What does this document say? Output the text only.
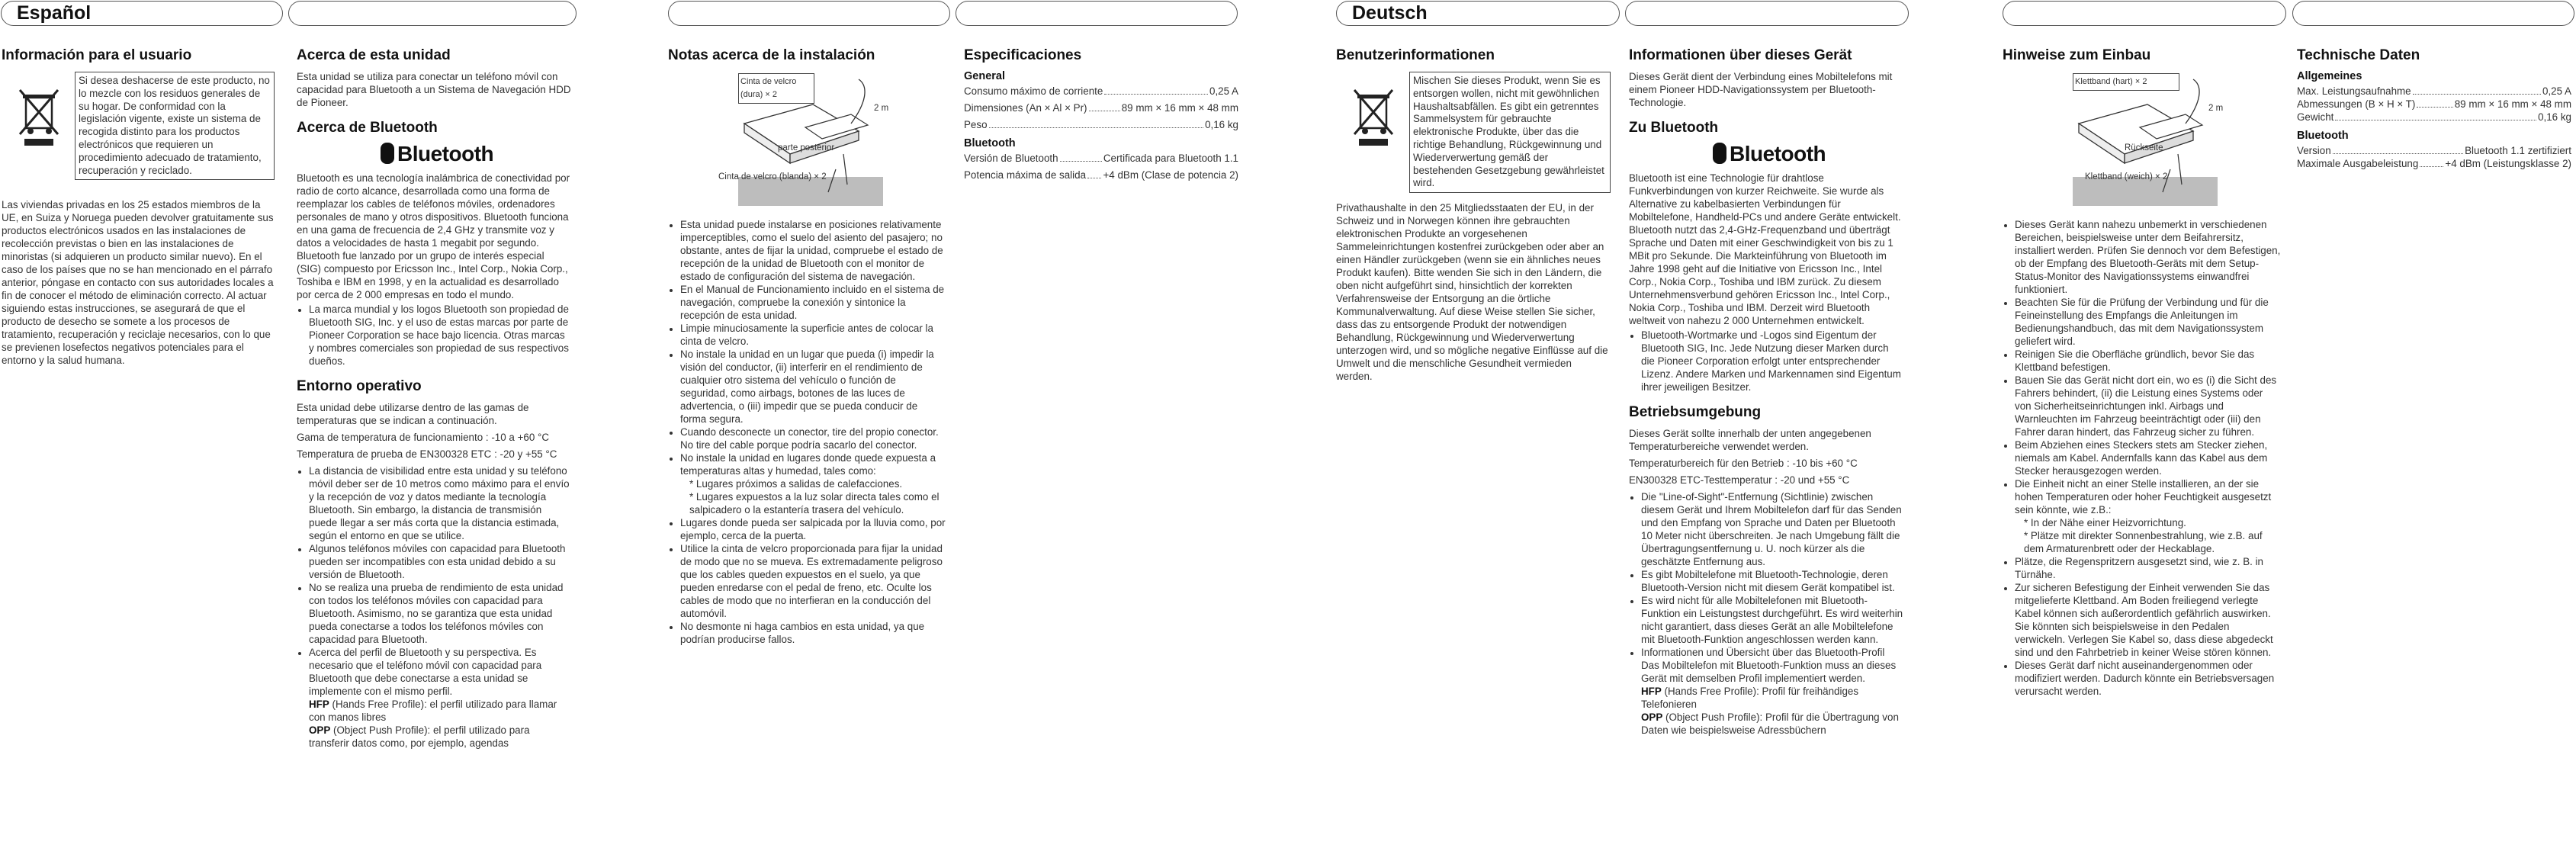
Español	Deutsch
Información para el usuario
Si desea deshacerse de este producto, no lo mezcle con los residuos generales de su hogar. De conformidad con la legislación vigente, existe un sistema de recogida distinto para los productos electrónicos que requieren un procedimiento adecuado de tratamiento, recuperación y reciclado.

Las viviendas privadas en los 25 estados miembros de la UE, en Suiza y Noruega pueden devolver gratuitamente sus productos electrónicos usados en las instalaciones de recolección previstas o bien en las instalaciones de minoristas (si adquieren un producto similar nuevo). En el caso de los países que no se han mencionado en el párrafo anterior, póngase en contacto con sus autoridades locales a fin de conocer el método de eliminación correcto. Al actuar siguiendo estas instrucciones, se asegurará de que el producto de desecho se somete a los procesos de tratamiento, recuperación y reciclaje necesarios, con lo que se previenen losefectos negativos potenciales para el entorno y la salud humana.

Acerca de esta unidad

Esta unidad se utiliza para conectar un teléfono móvil con capacidad para Bluetooth a un Sistema de Navegación HDD de Pioneer.

Acerca de Bluetooth
Bluetooth

Bluetooth es una tecnología inalámbrica de conectividad por radio de corto alcance, desarrollada como una forma de reemplazar los cables de teléfonos móviles, ordenadores personales de mano y otros dispositivos. Bluetooth funciona en una gama de frecuencia de 2,4 GHz y transmite voz y datos a velocidades de hasta 1 megabit por segundo. Bluetooth fue lanzado por un grupo de interés especial (SIG) compuesto por Ericsson Inc., Intel Corp., Nokia Corp., Toshiba e IBM en 1998, y en la actualidad es desarrollado por cerca de 2 000 empresas en todo el mundo.

• La marca mundial y los logos Bluetooth son propiedad de Bluetooth SIG, Inc. y el uso de estas marcas por parte de Pioneer Corporation se hace bajo licencia. Otras marcas y nombres comerciales son propiedad de sus respectivos dueños.
Entorno operativo

Esta unidad debe utilizarse dentro de las gamas de temperaturas que se indican a continuación.

Gama de temperatura de funcionamiento
: -10 a +60 °C
Temperatura de prueba de EN300328 ETC
: -20 y +55 °C
• La distancia de visibilidad entre esta unidad y su teléfono móvil deber ser de 10 metros como máximo para el envío y la recepción de voz y datos mediante la tecnología Bluetooth. Sin embargo, la distancia de transmisión puede llegar a ser más corta que la distancia estimada, según el entorno en que se utilice.
• Algunos teléfonos móviles con capacidad para Bluetooth pueden ser incompatibles con esta unidad debido a su versión de Bluetooth.
• No se realiza una prueba de rendimiento de esta unidad con todos los teléfonos móviles con capacidad para Bluetooth. Asimismo, no se garantiza que esta unidad pueda conectarse a todos los teléfonos móviles con capacidad para Bluetooth.
• Acerca del perfil de Bluetooth y su perspectiva. Es necesario que el teléfono móvil con capacidad para Bluetooth que debe conectarse a esta unidad se implemente con el mismo perfil.
HFP (Hands Free Profile): el perfil utilizado para llamar con manos libres
OPP (Object Push Profile): el perfil utilizado para transferir datos como, por ejemplo, agendas
Notas acerca de la instalación
Cinta de velcro (dura) × 2
2 m
parte posterior
Cinta de velcro (blanda) × 2
• Esta unidad puede instalarse en posiciones relativamente imperceptibles, como el suelo del asiento del pasajero; no obstante, antes de fijar la unidad, compruebe el estado de recepción de la unidad de Bluetooth con el monitor de estado de configuración del sistema de navegación.
• En el Manual de Funcionamiento incluido en el sistema de navegación, compruebe la conexión y sintonice la recepción de esta unidad.
• Limpie minuciosamente la superficie antes de colocar la cinta de velcro.
• No instale la unidad en un lugar que pueda (i) impedir la visión del conductor, (ii) interferir en el rendimiento de cualquier otro sistema del vehículo o función de seguridad, como airbags, botones de las luces de advertencia, o (iii) impedir que se pueda conducir de forma segura.
• Cuando desconecte un conector, tire del propio conector. No tire del cable porque podría sacarlo del conector.
• No instale la unidad en lugares donde quede expuesta a temperaturas altas y humedad, tales como:
* Lugares próximos a salidas de calefacciones.
* Lugares expuestos a la luz solar directa tales como el salpicadero o la estantería trasera del vehículo.
• Lugares donde pueda ser salpicada por la lluvia como, por ejemplo, cerca de la puerta.
• Utilice la cinta de velcro proporcionada para fijar la unidad de modo que no se mueva. Es extremadamente peligroso que los cables queden expuestos en el suelo, ya que pueden enredarse con el pedal de freno, etc. Oculte los cables de modo que no interfieran en la conducción del automóvil.
• No desmonte ni haga cambios en esta unidad, ya que podrían producirse fallos.
Especificaciones
General
Consumo máximo de corriente	0,25 A
Dimensiones (An × Al × Pr)	89 mm × 16 mm × 48 mm
Peso	0,16 kg
Bluetooth
Versión de Bluetooth	Certificada para Bluetooth 1.1
Potencia máxima de salida +4 dBm (Clase de potencia 2)
Benutzerinformationen
Mischen Sie dieses Produkt, wenn Sie es entsorgen wollen, nicht mit gewöhnlichen Haushaltsabfällen. Es gibt ein getrenntes Sammelsystem für gebrauchte elektronische Produkte, über das die richtige Behandlung, Rückgewinnung und Wiederverwertung gemäß der bestehenden Gesetzgebung gewährleistet wird.

Privathaushalte in den 25 Mitgliedsstaaten der EU, in der Schweiz und in Norwegen können ihre gebrauchten elektronischen Produkte an vorgesehenen Sammeleinrichtungen kostenfrei zurückgeben oder aber an einen Händler zurückgeben (wenn sie ein ähnliches neues Produkt kaufen). Bitte wenden Sie sich in den Ländern, die oben nicht aufgeführt sind, hinsichtlich der korrekten Verfahrensweise der Entsorgung an die örtliche Kommunalverwaltung. Auf diese Weise stellen Sie sicher, dass das zu entsorgende Produkt der notwendigen Behandlung, Rückgewinnung und Wiederverwertung unterzogen wird, und so mögliche negative Einflüsse auf die Umwelt und die menschliche Gesundheit vermieden werden.

Informationen über dieses Gerät

Dieses Gerät dient der Verbindung eines Mobiltelefons mit einem Pioneer HDD-Navigationssystem per Bluetooth-Technologie.

Zu Bluetooth
Bluetooth

Bluetooth ist eine Technologie für drahtlose Funkverbindungen von kurzer Reichweite. Sie wurde als Alternative zu kabelbasierten Verbindungen für Mobiltelefone, Handheld-PCs und andere Geräte entwickelt. Bluetooth nutzt das 2,4-GHz-Frequenzband und überträgt Sprache und Daten mit einer Geschwindigkeit von bis zu 1 MBit pro Sekunde. Die Markteinführung von Bluetooth im Jahre 1998 geht auf die Initiative von Ericsson Inc., Intel Corp., Nokia Corp., Toshiba und IBM zurück. Zu diesem Unternehmensverbund gehören Ericsson Inc., Intel Corp., Nokia Corp., Toshiba und IBM. Derzeit wird Bluetooth weltweit von nahezu 2 000 Unternehmen entwickelt.

• Bluetooth-Wortmarke und -Logos sind Eigentum der Bluetooth SIG, Inc. Jede Nutzung dieser Marken durch die Pioneer Corporation erfolgt unter entsprechender Lizenz. Andere Marken und Markennamen sind Eigentum ihrer jeweiligen Besitzer.
Betriebsumgebung

Dieses Gerät sollte innerhalb der unten angegebenen Temperaturbereiche verwendet werden.

Temperaturbereich für den Betrieb
: -10 bis +60 °C
EN300328 ETC-Testtemperatur
: -20 und +55 °C
• Die "Line-of-Sight"-Entfernung (Sichtlinie) zwischen diesem Gerät und Ihrem Mobiltelefon darf für das Senden und den Empfang von Sprache und Daten per Bluetooth 10 Meter nicht überschreiten. Je nach Umgebung fällt die Übertragungsentfernung u. U. noch kürzer als die geschätzte Entfernung aus.
• Es gibt Mobiltelefone mit Bluetooth-Technologie, deren Bluetooth-Version nicht mit diesem Gerät kompatibel ist.
• Es wird nicht für alle Mobiltelefonen mit Bluetooth-Funktion ein Leistungstest durchgeführt. Es wird weiterhin nicht garantiert, dass dieses Gerät an alle Mobiltelefone mit Bluetooth-Funktion angeschlossen werden kann.
• Informationen und Übersicht über das Bluetooth-Profil Das Mobiltelefon mit Bluetooth-Funktion muss an dieses Gerät mit demselben Profil implementiert werden.
HFP (Hands Free Profile): Profil für freihändiges Telefonieren
OPP (Object Push Profile): Profil für die Übertragung von Daten wie beispielsweise Adressbüchern
Hinweise zum Einbau
Klettband (hart) × 2
2 m
Rückseite
Klettband (weich) × 2
• Dieses Gerät kann nahezu unbemerkt in verschiedenen Bereichen, beispielsweise unter dem Beifahrersitz, installiert werden. Prüfen Sie dennoch vor dem Befestigen, ob der Empfang des Bluetooth-Geräts mit dem Setup-Status-Monitor des Navigationssystems einwandfrei funktioniert.
• Beachten Sie für die Prüfung der Verbindung und für die Feineinstellung des Empfangs die Anleitungen im Bedienungshandbuch, das mit dem Navigationssystem geliefert wird.
• Reinigen Sie die Oberfläche gründlich, bevor Sie das Klettband befestigen.
• Bauen Sie das Gerät nicht dort ein, wo es (i) die Sicht des Fahrers behindert, (ii) die Leistung eines Systems oder von Sicherheitseinrichtungen inkl. Airbags und Warnleuchten im Fahrzeug beeinträchtigt oder (iii) den Fahrer daran hindert, das Fahrzeug sicher zu führen.
• Beim Abziehen eines Steckers stets am Stecker ziehen, niemals am Kabel. Andernfalls kann das Kabel aus dem Stecker herausgezogen werden.
• Die Einheit nicht an einer Stelle installieren, an der sie hohen Temperaturen oder hoher Feuchtigkeit ausgesetzt sein könnte, wie z.B.:
* In der Nähe einer Heizvorrichtung.
* Plätze mit direkter Sonnenbestrahlung, wie z.B. auf dem Armaturenbrett oder der Heckablage.
• Plätze, die Regenspritzern ausgesetzt sind, wie z. B. in Türnähe.
• Zur sicheren Befestigung der Einheit verwenden Sie das mitgelieferte Klettband. Am Boden freiliegend verlegte Kabel können sich außerordentlich gefährlich auswirken. Sie könnten sich beispielsweise in den Pedalen verwickeln. Verlegen Sie Kabel so, dass diese abgedeckt sind und den Fahrbetrieb in keiner Weise stören können.
• Dieses Gerät darf nicht auseinandergenommen oder modifiziert werden. Dadurch könnte ein Betriebsversagen verursacht werden.
Technische Daten
Allgemeines
Max. Leistungsaufnahme	0,25 A
Abmessungen (B × H × T)	89 mm × 16 mm × 48 mm
Gewicht	0,16 kg
Bluetooth
Version	Bluetooth 1.1 zertifiziert
Maximale Ausgabeleistung	+4 dBm (Leistungsklasse 2)
